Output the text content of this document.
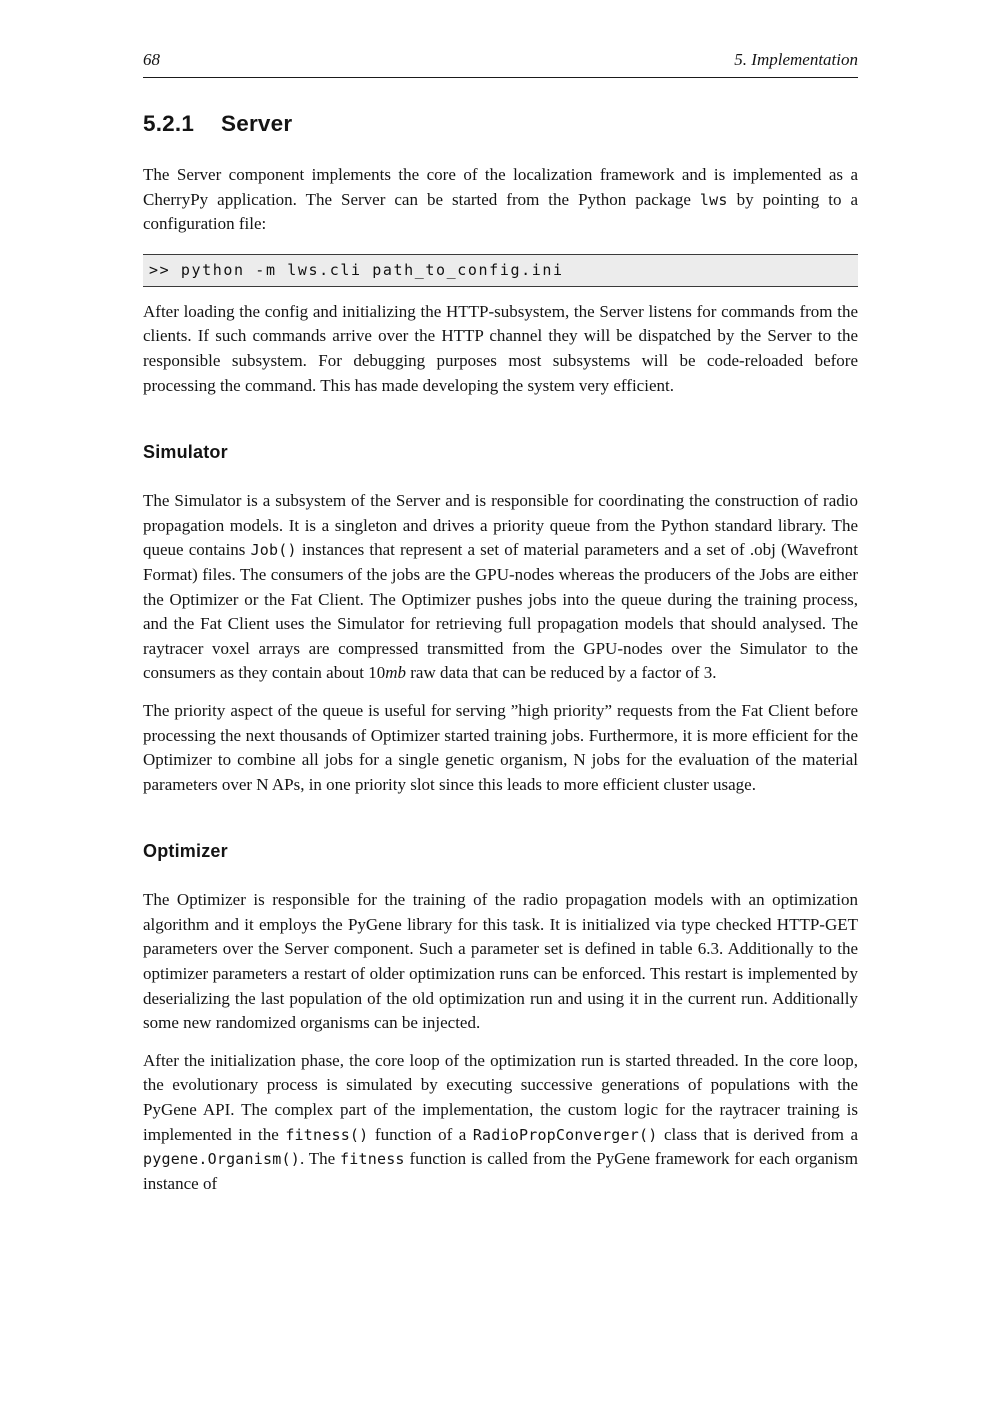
68	5. Implementation
5.2.1 Server

The Server component implements the core of the localization framework and is implemented as a CherryPy application. The Server can be started from the Python package lws by pointing to a configuration file:

>> python -m lws.cli path_to_config.ini

After loading the config and initializing the HTTP-subsystem, the Server listens for commands from the clients. If such commands arrive over the HTTP channel they will be dispatched by the Server to the responsible subsystem. For debugging purposes most subsystems will be code-reloaded before processing the command. This has made developing the system very efficient.

Simulator

The Simulator is a subsystem of the Server and is responsible for coordinating the construction of radio propagation models. It is a singleton and drives a priority queue from the Python standard library. The queue contains Job() instances that represent a set of material parameters and a set of .obj (Wavefront Format) files. The consumers of the jobs are the GPU-nodes whereas the producers of the Jobs are either the Optimizer or the Fat Client. The Optimizer pushes jobs into the queue during the training process, and the Fat Client uses the Simulator for retrieving full propagation models that should analysed. The raytracer voxel arrays are compressed transmitted from the GPU-nodes over the Simulator to the consumers as they contain about 10mb raw data that can be reduced by a factor of 3.

The priority aspect of the queue is useful for serving ”high priority” requests from the Fat Client before processing the next thousands of Optimizer started training jobs. Furthermore, it is more efficient for the Optimizer to combine all jobs for a single genetic organism, N jobs for the evaluation of the material parameters over N APs, in one priority slot since this leads to more efficient cluster usage.

Optimizer

The Optimizer is responsible for the training of the radio propagation models with an optimization algorithm and it employs the PyGene library for this task. It is initialized via type checked HTTP-GET parameters over the Server component. Such a parameter set is defined in table 6.3. Additionally to the optimizer parameters a restart of older optimization runs can be enforced. This restart is implemented by deserializing the last population of the old optimization run and using it in the current run. Additionally some new randomized organisms can be injected.

After the initialization phase, the core loop of the optimization run is started threaded. In the core loop, the evolutionary process is simulated by executing successive generations of populations with the PyGene API. The complex part of the implementation, the custom logic for the raytracer training is implemented in the fitness() function of a RadioPropConverger() class that is derived from a pygene.Organism(). The fitness function is called from the PyGene framework for each organism instance of
